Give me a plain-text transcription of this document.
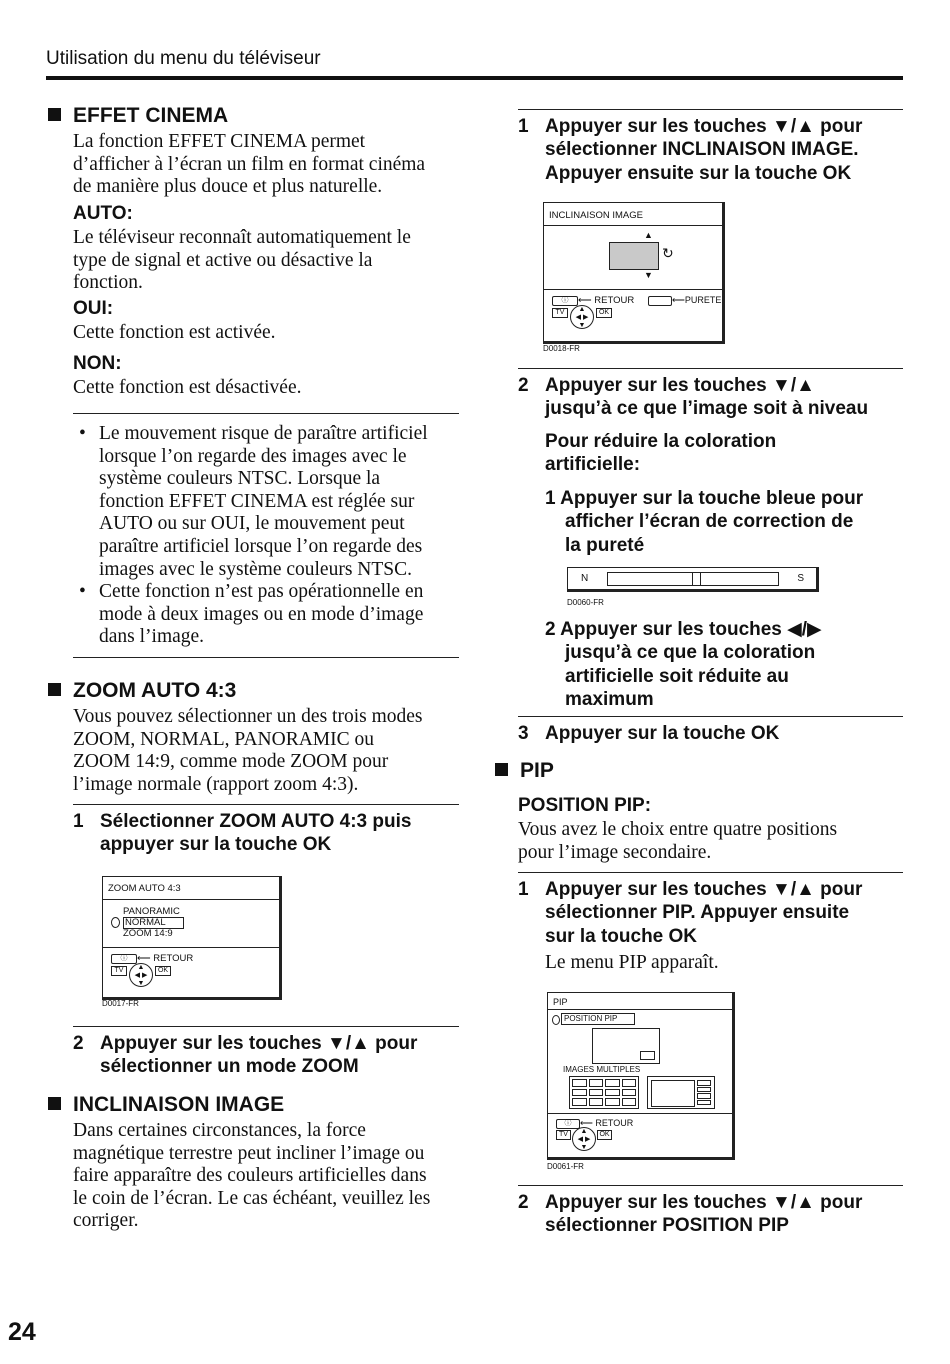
Utilisation du menu du téléviseur
EFFET CINEMA
La fonction EFFET CINEMA permet
d’afficher à l’écran un film en format cinéma
de manière plus douce et plus naturelle.
AUTO:
Le téléviseur reconnaît automatiquement le
type de signal et active ou désactive la
fonction.
OUI:
Cette fonction est activée.
NON:
Cette fonction est désactivée.
• Le mouvement risque de paraître artificiel
lorsque l’on regarde des images avec le
système couleurs NTSC. Lorsque la
fonction EFFET CINEMA est réglée sur
AUTO ou sur OUI, le mouvement peut
paraître artificiel lorsque l’on regarde des
images avec le système couleurs NTSC.
• Cette fonction n’est pas opérationnelle en
mode à deux images ou en mode d’image
dans l’image.
ZOOM AUTO 4:3
Vous pouvez sélectionner un des trois modes
ZOOM, NORMAL, PANORAMIC ou
ZOOM 14:9, comme mode ZOOM pour
l’image normale (rapport zoom 4:3).
1 Sélectionner ZOOM AUTO 4:3 puis
appuyer sur la touche OK
ZOOM AUTO 4:3
PANORAMIC
NORMAL
ZOOM 14:9
ⓘ	⟵ RETOUR
TV	▲
◀ ▶
▼
OK
D0017-FR
2 Appuyer sur les touches ▼/▲ pour
sélectionner un mode ZOOM
INCLINAISON IMAGE
Dans certaines circonstances, la force
magnétique terrestre peut incliner l’image ou
faire apparaître des couleurs artificielles dans
le coin de l’écran. Le cas échéant, veuillez les
corriger.
24
1 Appuyer sur les touches ▼/▲ pour
sélectionner INCLINAISON IMAGE.
Appuyer ensuite sur la touche OK
INCLINAISON IMAGE
▲
↻
▼
ⓘ	⟵ RETOUR	⟵PURETE
TV	▲
◀ ▶
▼
OK
D0018-FR
2 Appuyer sur les touches ▼/▲
jusqu’à ce que l’image soit à niveau
Pour réduire la coloration
artificielle:
1 Appuyer sur la touche bleue pour
afficher l’écran de correction de
la pureté
N	S
D0060-FR
2 Appuyer sur les touches ◀/▶
jusqu’à ce que la coloration
artificielle soit réduite au
maximum
3 Appuyer sur la touche OK
PIP
POSITION PIP:
Vous avez le choix entre quatre positions
pour l’image secondaire.
1 Appuyer sur les touches ▼/▲ pour
sélectionner PIP. Appuyer ensuite
sur la touche OK
Le menu PIP apparaît.
PIP
POSITION PIP
IMAGES MULTIPLES
ⓘ ⟵ RETOUR
TV	▲
◀ ▶
▼
OK
D0061-FR
2 Appuyer sur les touches ▼/▲ pour
sélectionner POSITION PIP
